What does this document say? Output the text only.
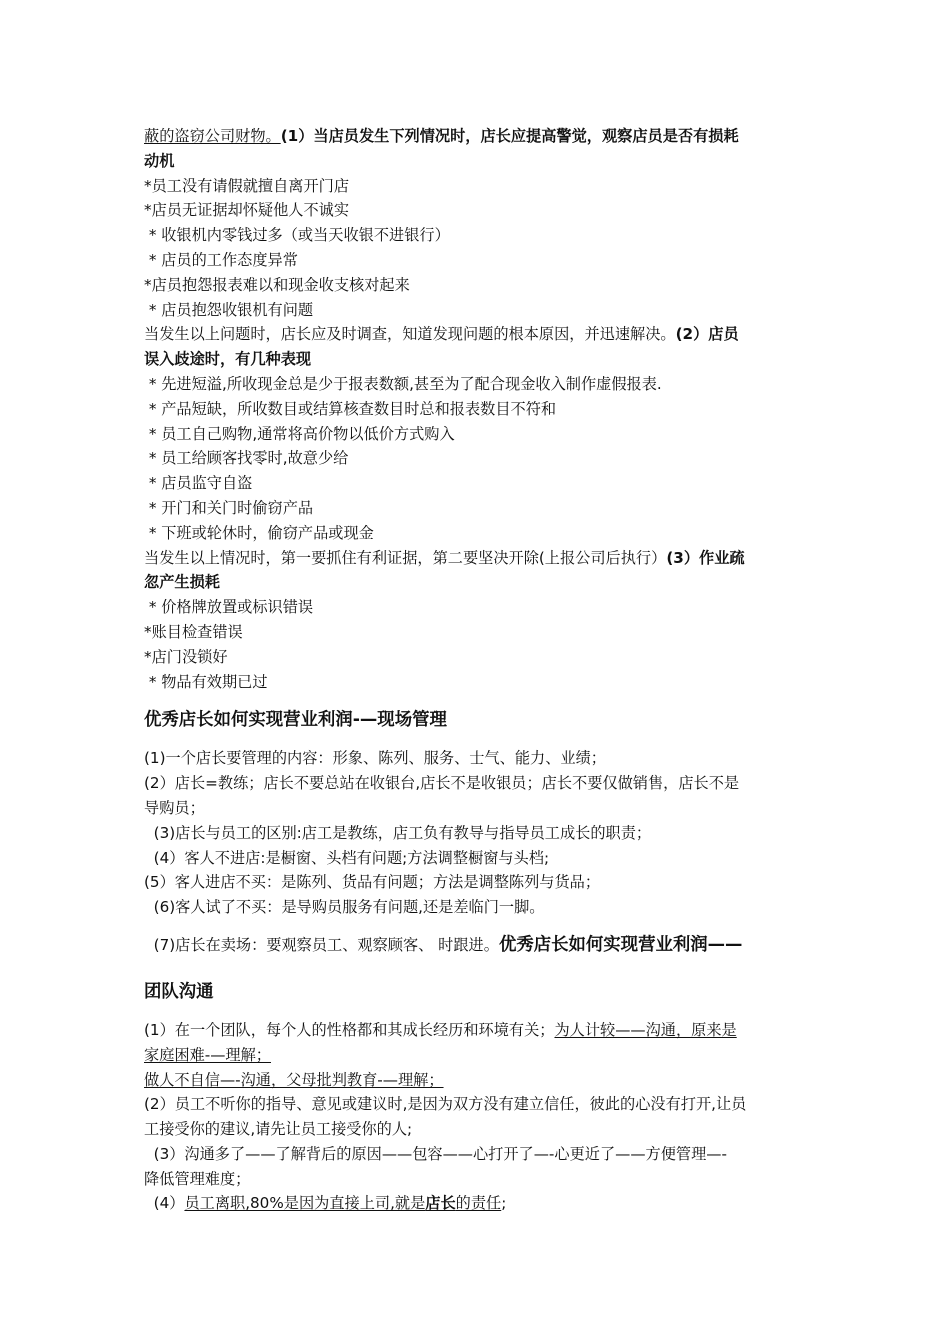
蔽的盗窃公司财物。(1）当店员发生下列情况时，店长应提高警觉，观察店员是否有损耗

动机

*员工没有请假就擅自离开门店

*店员无证据却怀疑他人不诚实

* 收银机内零钱过多（或当天收银不进银行）

* 店员的工作态度异常

*店员抱怨报表难以和现金收支核对起来

* 店员抱怨收银机有问题

当发生以上问题时，店长应及时调查，知道发现问题的根本原因，并迅速解决。(2）店员

误入歧途时，有几种表现

* 先进短溢,所收现金总是少于报表数额,甚至为了配合现金收入制作虚假报表.

* 产品短缺，所收数目或结算核查数目时总和报表数目不符和

* 员工自己购物,通常将高价物以低价方式购入

* 员工给顾客找零时,故意少给

* 店员监守自盗

* 开门和关门时偷窃产品

* 下班或轮休时，偷窃产品或现金

当发生以上情况时，第一要抓住有利证据，第二要坚决开除(上报公司后执行）(3）作业疏

忽产生损耗

* 价格牌放置或标识错误

*账目检查错误

*店门没锁好

* 物品有效期已过

优秀店长如何实现营业利润-—现场管理

(1)一个店长要管理的内容：形象、陈列、服务、士气、能力、业绩；

(2）店长=教练；店长不要总站在收银台,店长不是收银员；店长不要仅做销售，店长不是

导购员；

(3)店长与员工的区别:店工是教练，店工负有教导与指导员工成长的职责；

(4）客人不进店:是橱窗、头档有问题;方法调整橱窗与头档;

(5）客人进店不买：是陈列、货品有问题；方法是调整陈列与货品；

(6)客人试了不买：是导购员服务有问题,还是差临门一脚。

(7)店长在卖场：要观察员工、观察顾客、 时跟进。优秀店长如何实现营业利润——

团队沟通

(1）在一个团队，每个人的性格都和其成长经历和环境有关；为人计较——沟通，原来是

家庭困难-—理解；

做人不自信—-沟通，父母批判教育-—理解；

(2）员工不听你的指导、意见或建议时,是因为双方没有建立信任，彼此的心没有打开,让员

工接受你的建议,请先让员工接受你的人;

(3）沟通多了——了解背后的原因——包容——心打开了—-心更近了——方便管理—-

降低管理难度；

(4）员工离职,80%是因为直接上司,就是店长的责任;
